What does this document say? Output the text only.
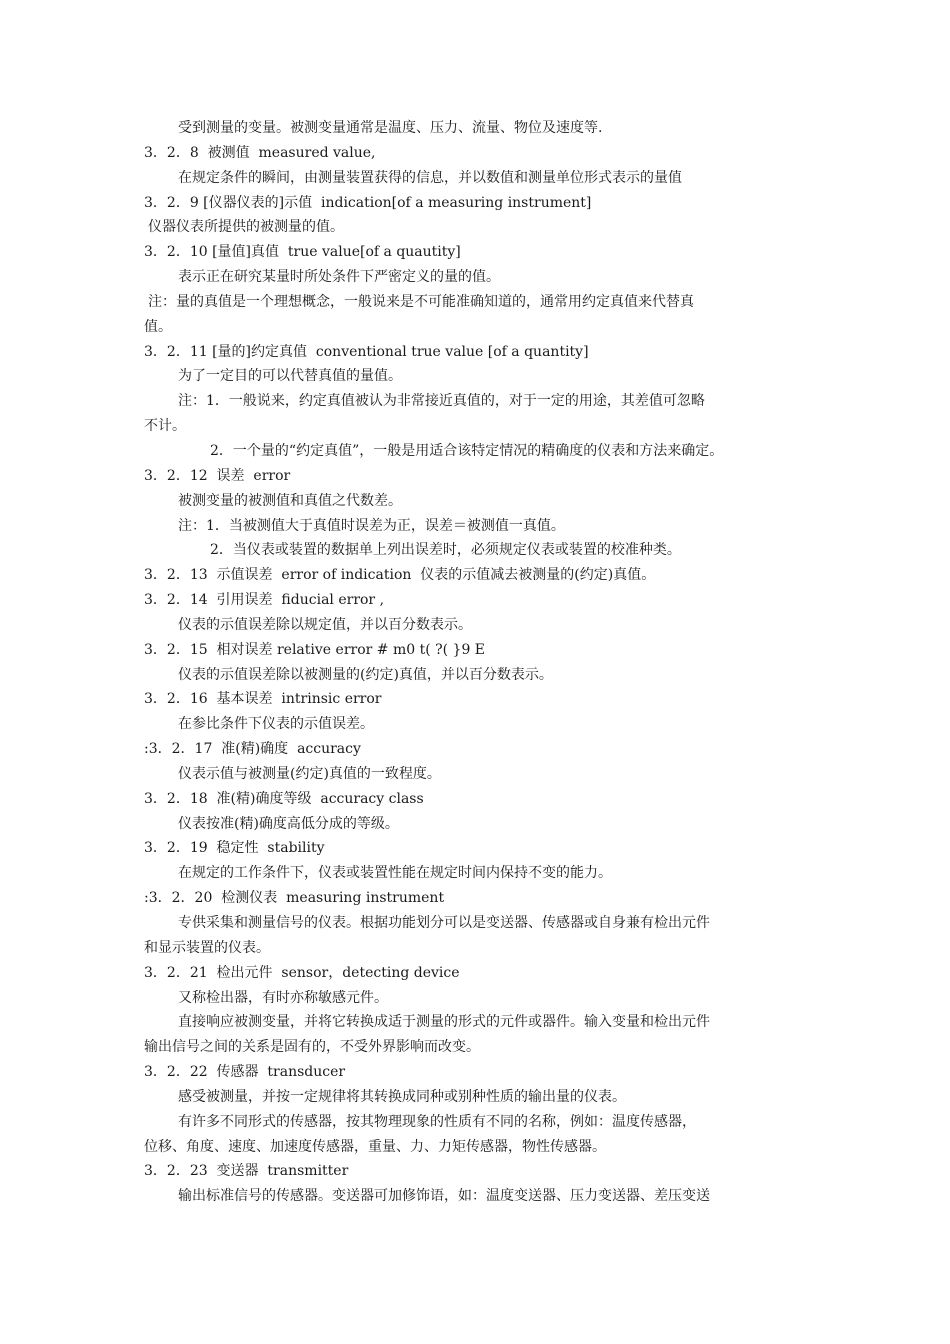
受到测量的变量。被测变量通常是温度、压力、流量、物位及速度等.
3．2．8  被测值  measured value,
在规定条件的瞬间，由测量装置获得的信息，并以数值和测量单位形式表示的量值
3．2．9 [仪器仪表的]示值  indication[of a measuring instrument]
仪器仪表所提供的被测量的值。
3．2．10 [量值]真值  true value[of a quautity]
表示正在研究某量时所处条件下严密定义的量的值。
注：量的真值是一个理想概念，一般说来是不可能准确知道的，通常用约定真值来代替真
值。
3．2．11 [量的]约定真值  conventional true value [of a quantity]
为了一定目的可以代替真值的量值。
注：1．一般说来，约定真值被认为非常接近真值的，对于一定的用途，其差值可忽略
不计。
2．一个量的“约定真值”，一般是用适合该特定情况的精确度的仪表和方法来确定。
3．2．12  误差  error
被测变量的被测值和真值之代数差。
注：1．当被测值大于真值时误差为正，误差＝被测值一真值。
2．当仪表或装置的数据单上列出误差时，必须规定仪表或装置的校准种类。
3．2．13  示值误差  error of indication  仪表的示值减去被测量的(约定)真值。
3．2．14  引用误差  fiducial error ,
仪表的示值误差除以规定值，并以百分数表示。
3．2．15  相对误差 relative error # m0 t( ?( }9 E
仪表的示值误差除以被测量的(约定)真值，并以百分数表示。
3．2．16  基本误差  intrinsic error
在参比条件下仪表的示值误差。
:3．2．17  准(精)确度  accuracy
仪表示值与被测量(约定)真值的一致程度。
3．2．18  准(精)确度等级  accuracy class
仪表按准(精)确度高低分成的等级。
3．2．19  稳定性  stability
在规定的工作条件下，仪表或装置性能在规定时间内保持不变的能力。
:3．2．20  检测仪表  measuring instrument
专供采集和测量信号的仪表。根据功能划分可以是变送器、传感器或自身兼有检出元件
和显示装置的仪表。
3．2．21  检出元件  sensor，detecting device
又称检出器，有时亦称敏感元件。
直接响应被测变量，并将它转换成适于测量的形式的元件或器件。输入变量和检出元件
输出信号之间的关系是固有的，不受外界影响而改变。
3．2．22  传感器  transducer
感受被测量，并按一定规律将其转换成同种或别种性质的输出量的仪表。
有许多不同形式的传感器，按其物理现象的性质有不同的名称，例如：温度传感器，
位移、角度、速度、加速度传感器，重量、力、力矩传感器，物性传感器。
3．2．23  变送器  transmitter
输出标准信号的传感器。变送器可加修饰语，如：温度变送器、压力变送器、差压变送
